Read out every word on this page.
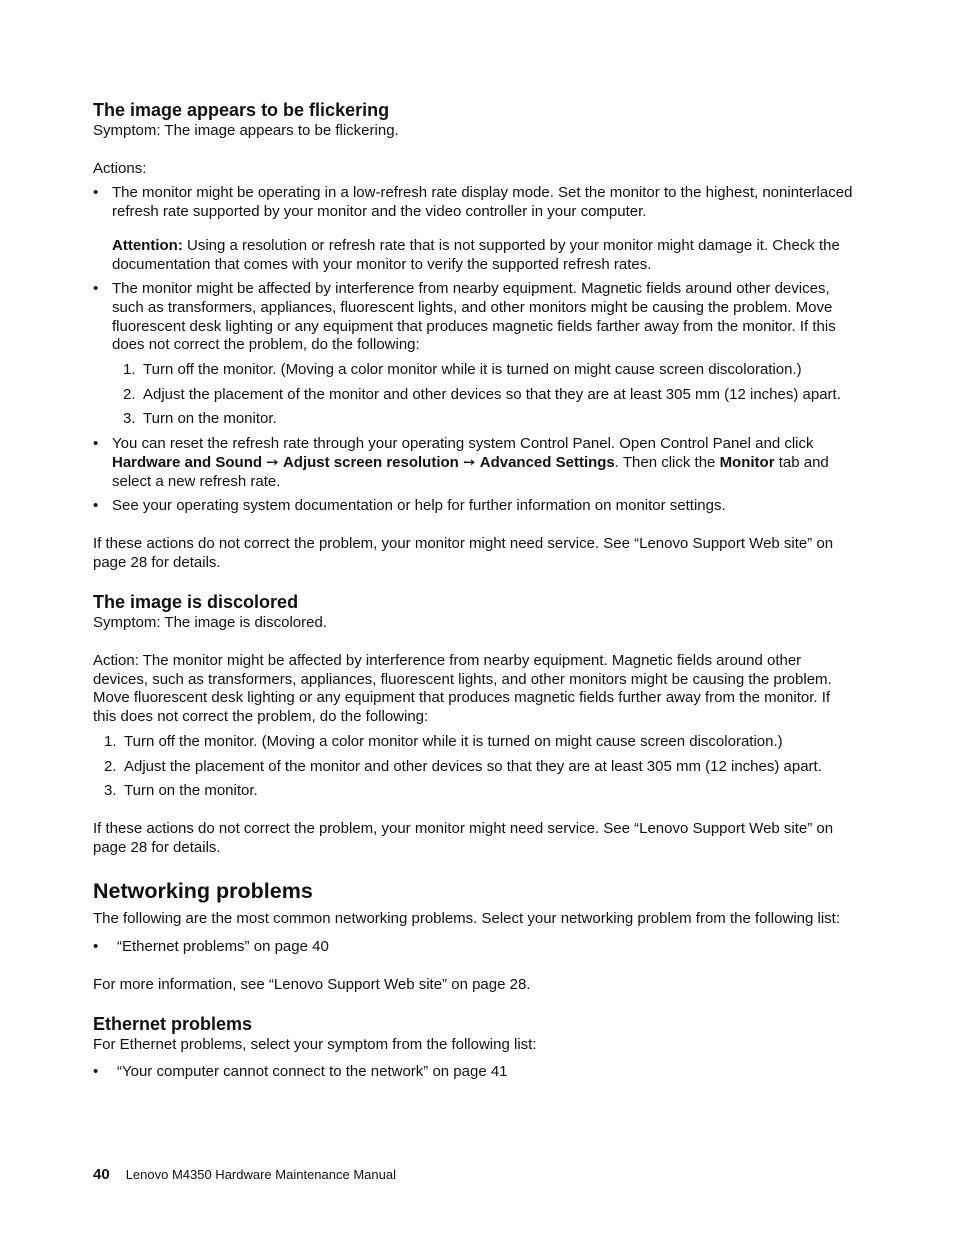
The image appears to be flickering

Symptom: The image appears to be flickering.

Actions:

• The monitor might be operating in a low-refresh rate display mode. Set the monitor to the highest, noninterlaced refresh rate supported by your monitor and the video controller in your computer.

Attention: Using a resolution or refresh rate that is not supported by your monitor might damage it. Check the documentation that comes with your monitor to verify the supported refresh rates.

• The monitor might be affected by interference from nearby equipment. Magnetic fields around other devices, such as transformers, appliances, fluorescent lights, and other monitors might be causing the problem. Move fluorescent desk lighting or any equipment that produces magnetic fields farther away from the monitor. If this does not correct the problem, do the following:

1. Turn off the monitor. (Moving a color monitor while it is turned on might cause screen discoloration.)

2. Adjust the placement of the monitor and other devices so that they are at least 305 mm (12 inches) apart.

3. Turn on the monitor.

• You can reset the refresh rate through your operating system Control Panel. Open Control Panel and click Hardware and Sound ➙ Adjust screen resolution ➙ Advanced Settings. Then click the Monitor tab and select a new refresh rate.

• See your operating system documentation or help for further information on monitor settings.

If these actions do not correct the problem, your monitor might need service. See “Lenovo Support Web site” on page 28 for details.

The image is discolored

Symptom: The image is discolored.

Action: The monitor might be affected by interference from nearby equipment. Magnetic fields around other devices, such as transformers, appliances, fluorescent lights, and other monitors might be causing the problem. Move fluorescent desk lighting or any equipment that produces magnetic fields further away from the monitor. If this does not correct the problem, do the following:

1. Turn off the monitor. (Moving a color monitor while it is turned on might cause screen discoloration.)

2. Adjust the placement of the monitor and other devices so that they are at least 305 mm (12 inches) apart.

3. Turn on the monitor.

If these actions do not correct the problem, your monitor might need service. See “Lenovo Support Web site” on page 28 for details.

Networking problems

The following are the most common networking problems. Select your networking problem from the following list:

• “Ethernet problems” on page 40

For more information, see “Lenovo Support Web site” on page 28.

Ethernet problems

For Ethernet problems, select your symptom from the following list:

• “Your computer cannot connect to the network” on page 41

40 Lenovo M4350 Hardware Maintenance Manual
